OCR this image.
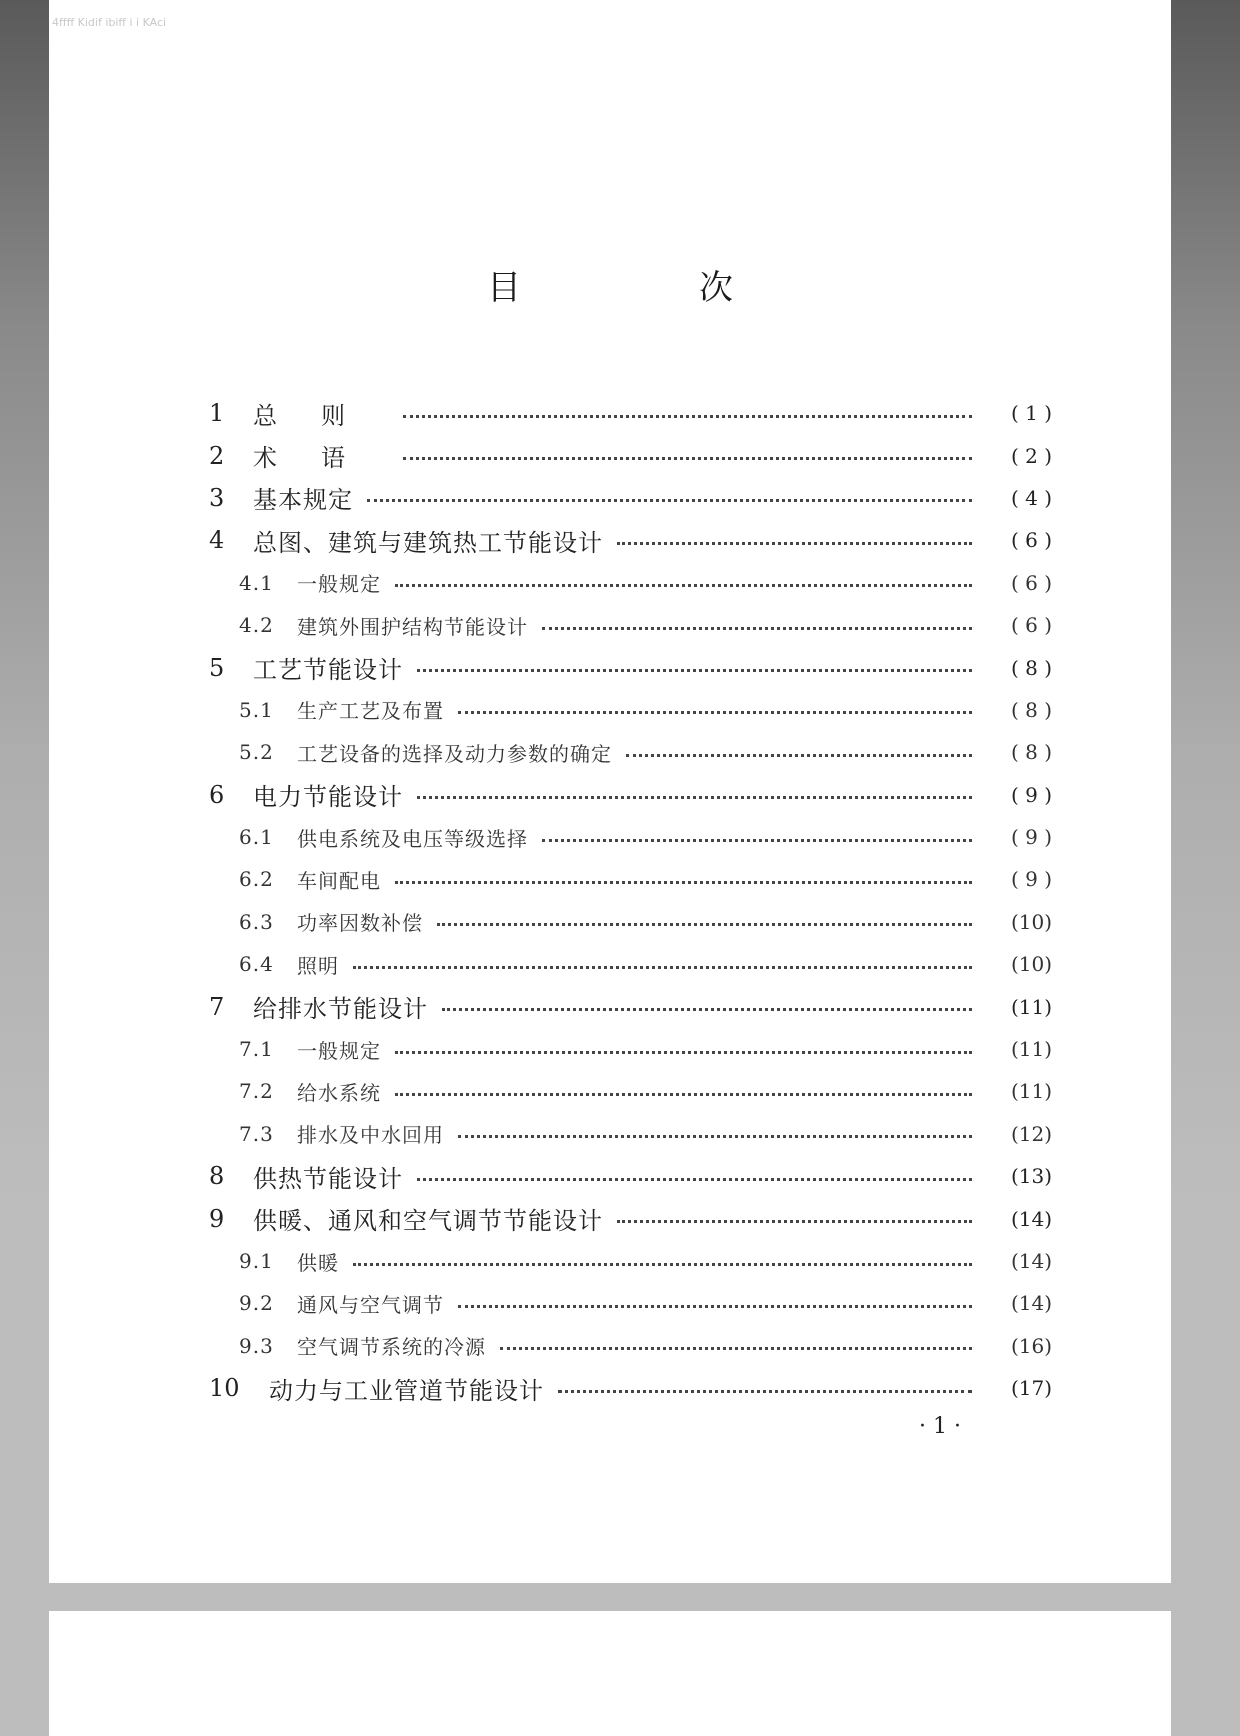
4ffff Kidif ibiff i i KAci
目　次
1	总则	( 1 )
2	术语	( 2 )
3	基本规定	( 4 )
4	总图、建筑与建筑热工节能设计	( 6 )
4.1	一般规定	( 6 )
4.2	建筑外围护结构节能设计	( 6 )
5	工艺节能设计	( 8 )
5.1	生产工艺及布置	( 8 )
5.2	工艺设备的选择及动力参数的确定	( 8 )
6	电力节能设计	( 9 )
6.1	供电系统及电压等级选择	( 9 )
6.2	车间配电	( 9 )
6.3	功率因数补偿	(10)
6.4	照明	(10)
7	给排水节能设计	(11)
7.1	一般规定	(11)
7.2	给水系统	(11)
7.3	排水及中水回用	(12)
8	供热节能设计	(13)
9	供暖、通风和空气调节节能设计	(14)
9.1	供暖	(14)
9.2	通风与空气调节	(14)
9.3	空气调节系统的冷源	(16)
10	动力与工业管道节能设计	(17)
· 1 ·
